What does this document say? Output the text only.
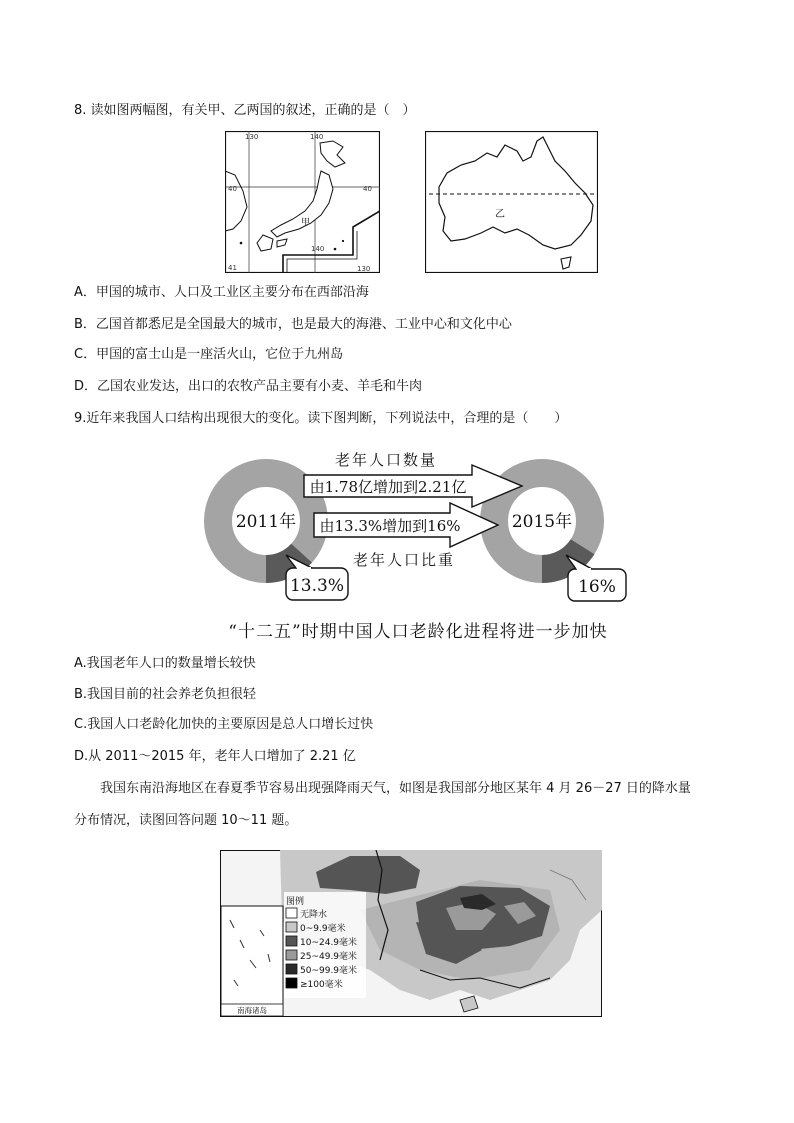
8. 读如图两幅图，有关甲、乙两国的叙述，正确的是（　）
130	140
130
40	40
140
41
甲
乙
A．甲国的城市、人口及工业区主要分布在西部沿海
B．乙国首都悉尼是全国最大的城市，也是最大的海港、工业中心和文化中心
C．甲国的富士山是一座活火山，它位于九州岛
D．乙国农业发达，出口的农牧产品主要有小麦、羊毛和牛肉
9.近年来我国人口结构出现很大的变化。读下图判断，下列说法中，合理的是（　　）
2011年	2015年
13.3%	16%
老年人口数量
由1.78亿增加到2.21亿
由13.3%增加到16%
老年人口比重
“十二五”时期中国人口老龄化进程将进一步加快
A.我国老年人口的数量增长较快
B.我国目前的社会养老负担很轻
C.我国人口老龄化加快的主要原因是总人口增长过快
D.从 2011～2015 年，老年人口增加了 2.21 亿
我国东南沿海地区在春夏季节容易出现强降雨天气，如图是我国部分地区某年 4 月 26－27 日的降水量
分布情况，读图回答问题 10～11 题。
南海诸岛
图例
无降水
0~9.9毫米
10~24.9毫米
25~49.9毫米
50~99.9毫米
≥100毫米
